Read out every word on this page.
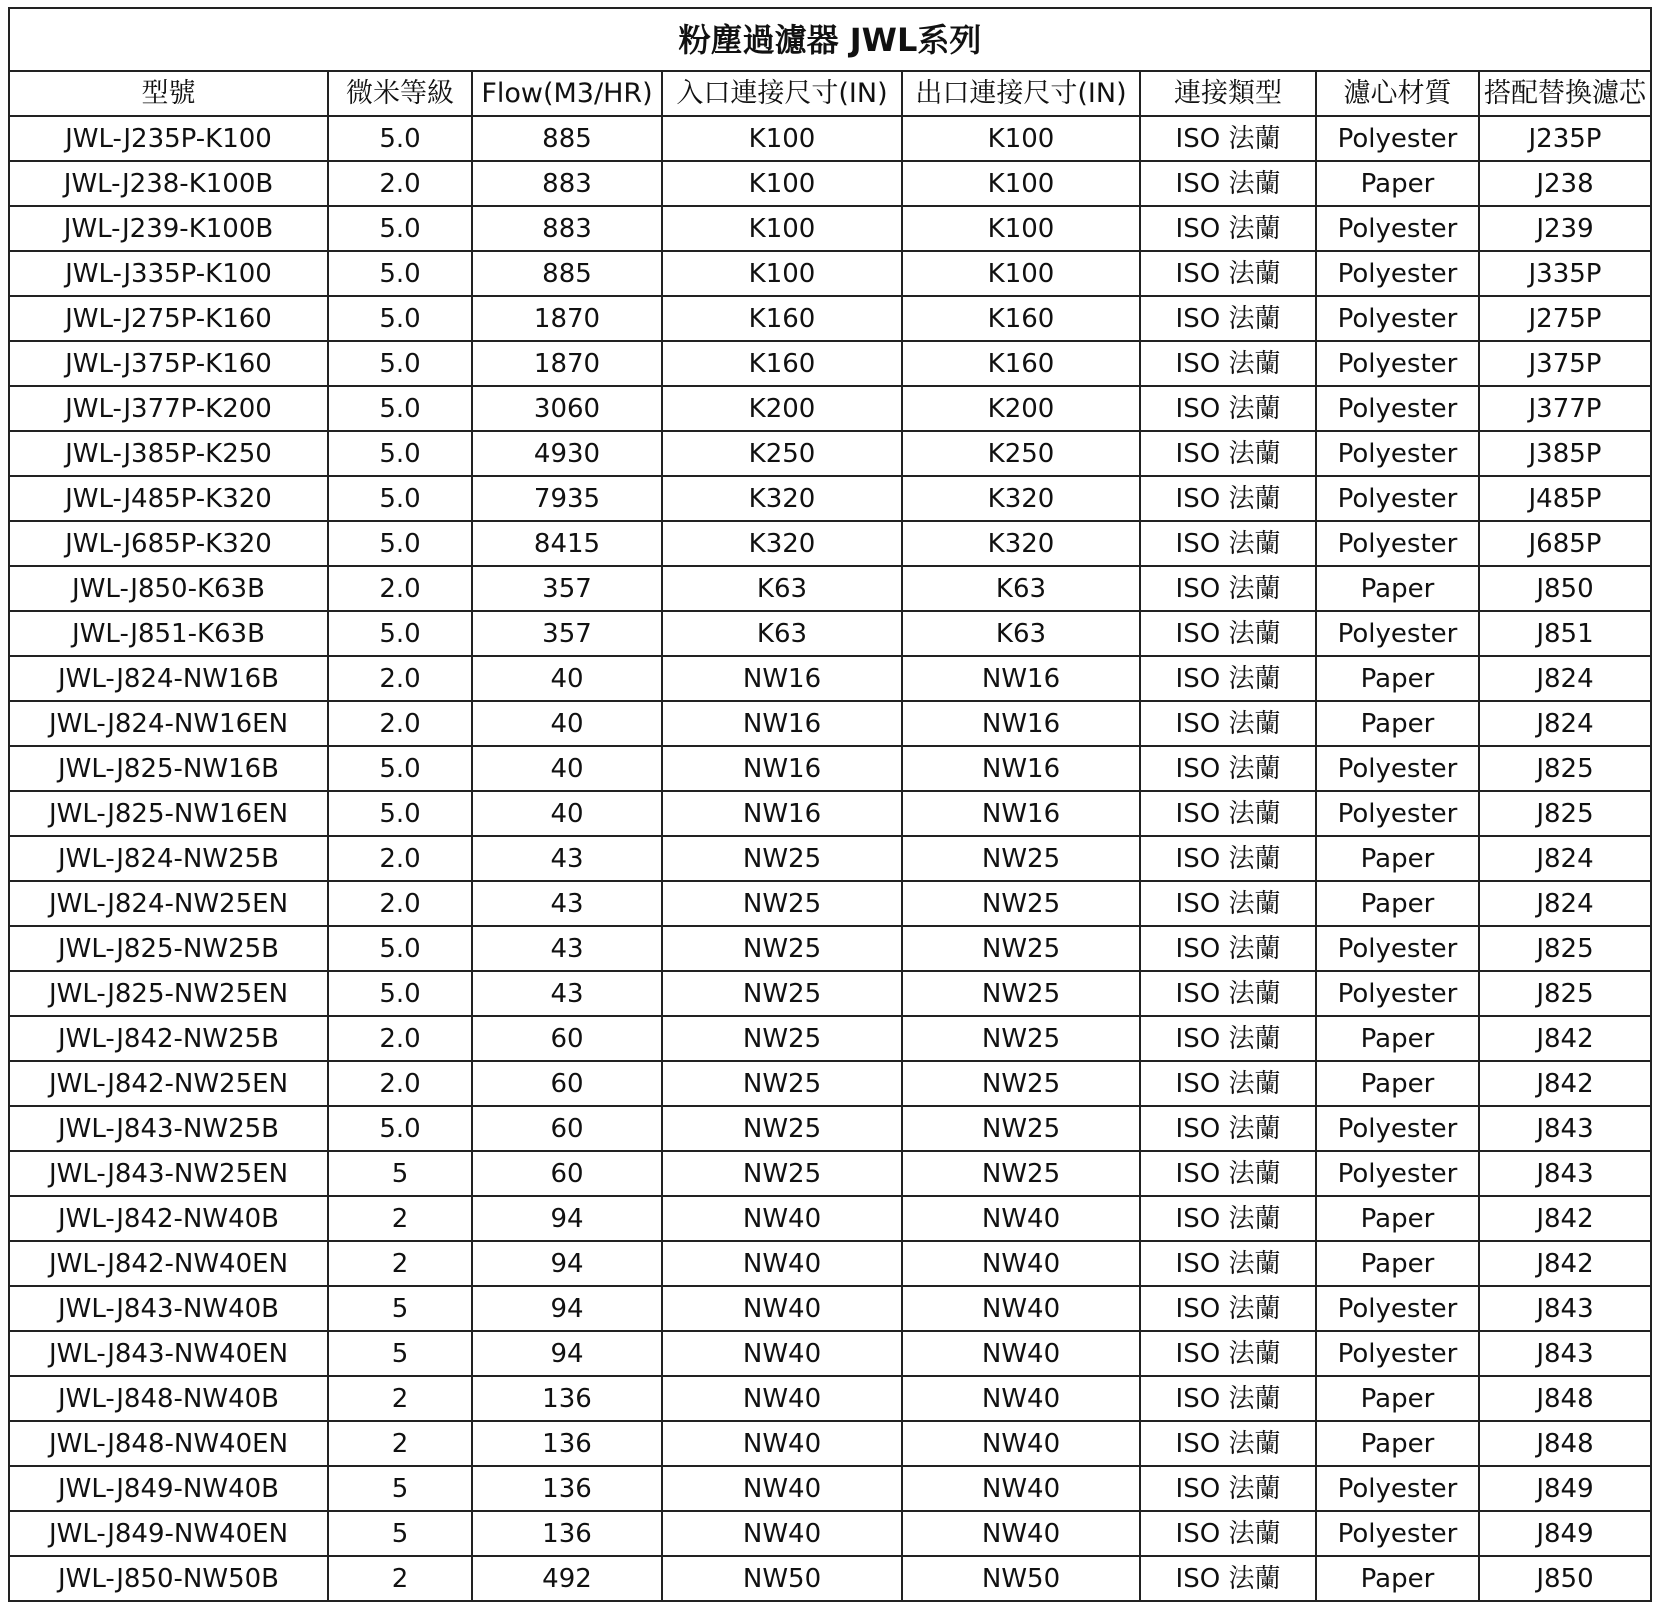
粉塵過濾器 JWL系列							
型號	微米等級	Flow(M3/HR)	入口連接尺寸(IN)	出口連接尺寸(IN)	連接類型	濾心材質	搭配替換濾芯
JWL-J235P-K100	5.0	885	K100	K100	ISO 法蘭	Polyester	J235P
JWL-J238-K100B	2.0	883	K100	K100	ISO 法蘭	Paper	J238
JWL-J239-K100B	5.0	883	K100	K100	ISO 法蘭	Polyester	J239
JWL-J335P-K100	5.0	885	K100	K100	ISO 法蘭	Polyester	J335P
JWL-J275P-K160	5.0	1870	K160	K160	ISO 法蘭	Polyester	J275P
JWL-J375P-K160	5.0	1870	K160	K160	ISO 法蘭	Polyester	J375P
JWL-J377P-K200	5.0	3060	K200	K200	ISO 法蘭	Polyester	J377P
JWL-J385P-K250	5.0	4930	K250	K250	ISO 法蘭	Polyester	J385P
JWL-J485P-K320	5.0	7935	K320	K320	ISO 法蘭	Polyester	J485P
JWL-J685P-K320	5.0	8415	K320	K320	ISO 法蘭	Polyester	J685P
JWL-J850-K63B	2.0	357	K63	K63	ISO 法蘭	Paper	J850
JWL-J851-K63B	5.0	357	K63	K63	ISO 法蘭	Polyester	J851
JWL-J824-NW16B	2.0	40	NW16	NW16	ISO 法蘭	Paper	J824
JWL-J824-NW16EN	2.0	40	NW16	NW16	ISO 法蘭	Paper	J824
JWL-J825-NW16B	5.0	40	NW16	NW16	ISO 法蘭	Polyester	J825
JWL-J825-NW16EN	5.0	40	NW16	NW16	ISO 法蘭	Polyester	J825
JWL-J824-NW25B	2.0	43	NW25	NW25	ISO 法蘭	Paper	J824
JWL-J824-NW25EN	2.0	43	NW25	NW25	ISO 法蘭	Paper	J824
JWL-J825-NW25B	5.0	43	NW25	NW25	ISO 法蘭	Polyester	J825
JWL-J825-NW25EN	5.0	43	NW25	NW25	ISO 法蘭	Polyester	J825
JWL-J842-NW25B	2.0	60	NW25	NW25	ISO 法蘭	Paper	J842
JWL-J842-NW25EN	2.0	60	NW25	NW25	ISO 法蘭	Paper	J842
JWL-J843-NW25B	5.0	60	NW25	NW25	ISO 法蘭	Polyester	J843
JWL-J843-NW25EN	5	60	NW25	NW25	ISO 法蘭	Polyester	J843
JWL-J842-NW40B	2	94	NW40	NW40	ISO 法蘭	Paper	J842
JWL-J842-NW40EN	2	94	NW40	NW40	ISO 法蘭	Paper	J842
JWL-J843-NW40B	5	94	NW40	NW40	ISO 法蘭	Polyester	J843
JWL-J843-NW40EN	5	94	NW40	NW40	ISO 法蘭	Polyester	J843
JWL-J848-NW40B	2	136	NW40	NW40	ISO 法蘭	Paper	J848
JWL-J848-NW40EN	2	136	NW40	NW40	ISO 法蘭	Paper	J848
JWL-J849-NW40B	5	136	NW40	NW40	ISO 法蘭	Polyester	J849
JWL-J849-NW40EN	5	136	NW40	NW40	ISO 法蘭	Polyester	J849
JWL-J850-NW50B	2	492	NW50	NW50	ISO 法蘭	Paper	J850
